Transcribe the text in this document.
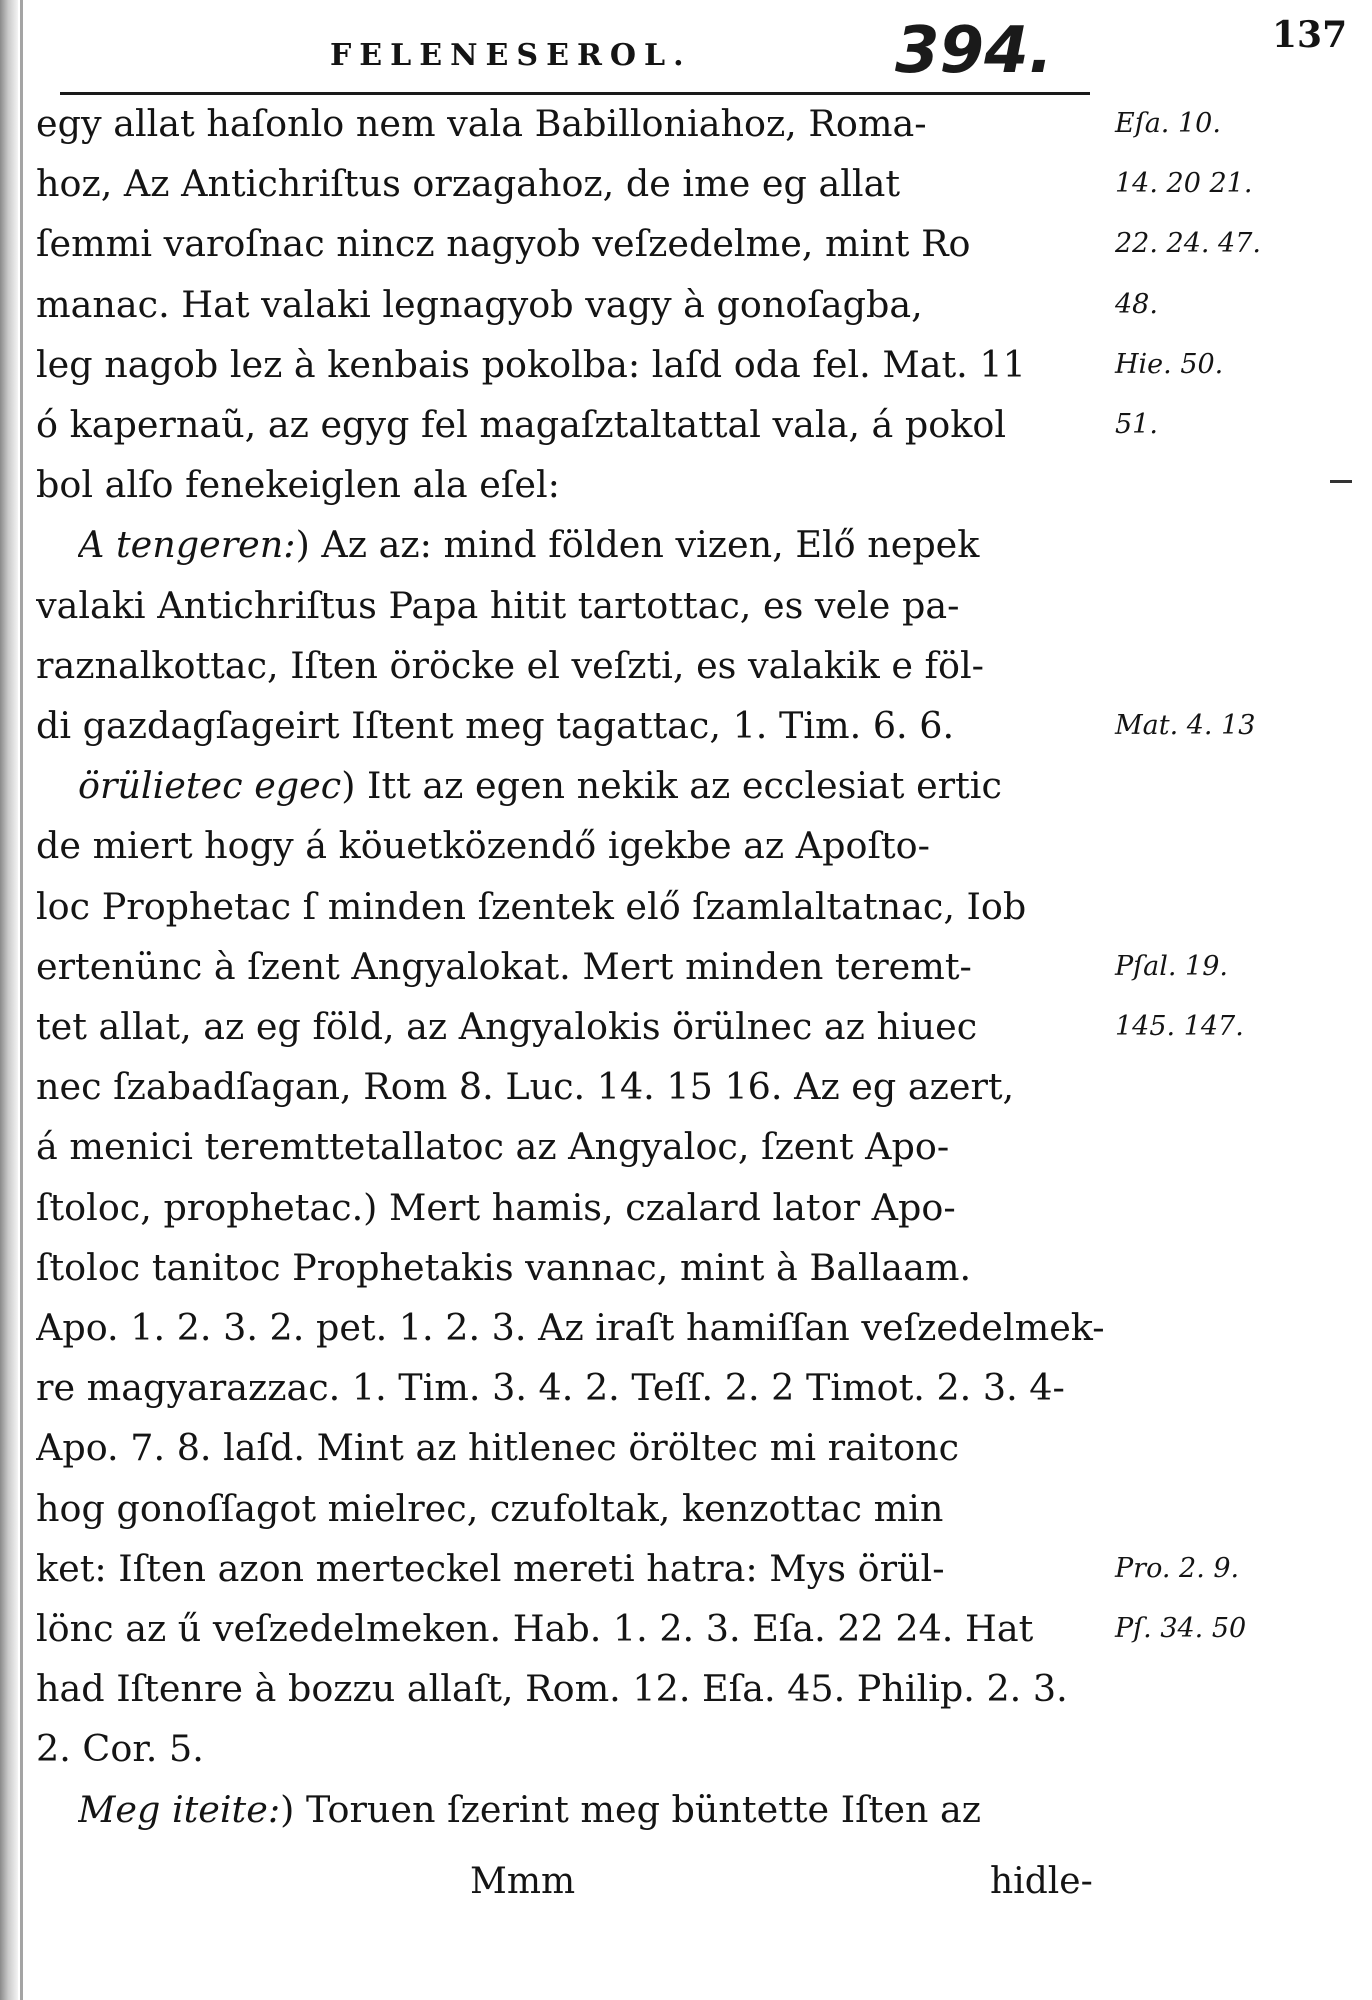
FELENESEROL.	394.	137
egy allat haſonlo nem vala Babilloniahoz, Roma-
hoz, Az Antichriſtus orzagahoz, de ime eg allat
ſemmi varoſnac nincz nagyob veſzedelme, mint Ro
manac. Hat valaki legnagyob vagy à gonoſagba,
leg nagob lez à kenbais pokolba: laſd oda fel. Mat. 11
ó kapernaũ, az egyg fel magaſztaltattal vala, á pokol
bol alſo fenekeiglen ala eſel:
A tengeren:) Az az: mind földen vizen, Elő nepek
valaki Antichriſtus Papa hitit tartottac, es vele pa-
raznalkottac, Iſten öröcke el veſzti, es valakik e föl-
di gazdagſageirt Iſtent meg tagattac, 1. Tim. 6. 6.
örülietec egec) Itt az egen nekik az ecclesiat ertic
de miert hogy á köuetközendő igekbe az Apoſto-
loc Prophetac ſ minden ſzentek elő ſzamlaltatnac, Iob
ertenünc à ſzent Angyalokat. Mert minden teremt-
tet allat, az eg föld, az Angyalokis örülnec az hiuec
nec ſzabadſagan, Rom 8. Luc. 14. 15 16. Az eg azert,
á menici teremttetallatoc az Angyaloc, ſzent Apo-
ſtoloc, prophetac.) Mert hamis, czalard lator Apo-
ſtoloc tanitoc Prophetakis vannac, mint à Ballaam.
Apo. 1. 2. 3. 2. pet. 1. 2. 3. Az iraſt hamiſſan veſzedelmek-
re magyarazzac. 1. Tim. 3. 4. 2. Teſſ. 2. 2 Timot. 2. 3. 4-
Apo. 7. 8. laſd. Mint az hitlenec öröltec mi raitonc
hog gonoſſagot mielrec, czufoltak, kenzottac min
ket: Iſten azon merteckel mereti hatra: Mys örül-
lönc az ű veſzedelmeken. Hab. 1. 2. 3. Eſa. 22 24. Hat
had Iſtenre à bozzu allaſt, Rom. 12. Eſa. 45. Philip. 2. 3.
2. Cor. 5.
Meg iteite:) Toruen ſzerint meg büntette Iſten az
Eſa. 10.
14. 20 21.
22. 24. 47.
48.
Hie. 50.
51.
Mat. 4. 13
Pſal. 19.
145. 147.
Pro. 2. 9.
Pſ. 34. 50
Mmm	hidle-
